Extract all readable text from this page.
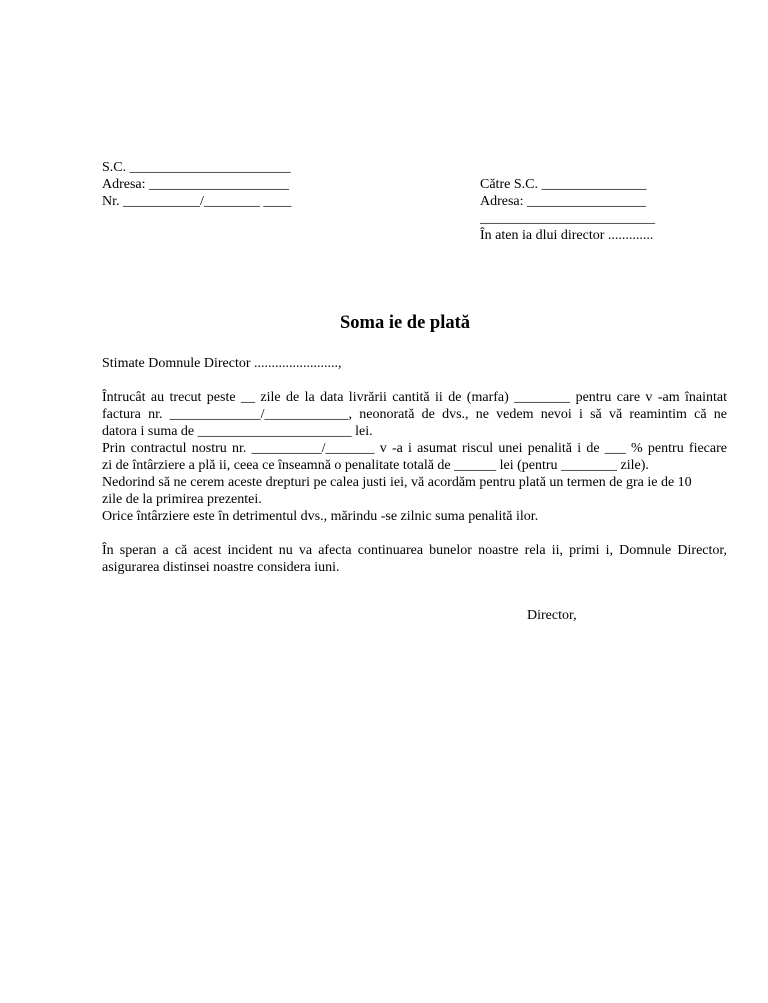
S.C. _______________________
Adresa: ____________________
Nr. ___________/________ ____
Către S.C. _______________
Adresa: _________________
_________________________
În aten ia dlui director .............
Soma ie de plată
Stimate Domnule Director ........................,
Întrucât au trecut peste __ zile de la data livrării cantită ii de (marfa) ________ pentru care v -am înaintat
factura nr. _____________/____________, neonorată de dvs., ne vedem nevoi i să vă reamintim că ne
datora i suma de ______________________ lei.
Prin contractul nostru nr. __________/_______ v -a i asumat riscul unei penalită i de ___ % pentru fiecare
zi de întârziere a plă ii, ceea ce înseamnă o penalitate totală de ______ lei (pentru ________ zile).
Nedorind să ne cerem aceste drepturi pe calea justi iei, vă acordăm pentru plată un termen de gra ie de 10
zile de la primirea prezentei.
Orice întârziere este în detrimentul dvs., mărindu -se zilnic suma penalită ilor.
În speran a că acest incident nu va afecta continuarea bunelor noastre rela ii, primi i, Domnule Director,
asigurarea distinsei noastre considera iuni.
Director,
